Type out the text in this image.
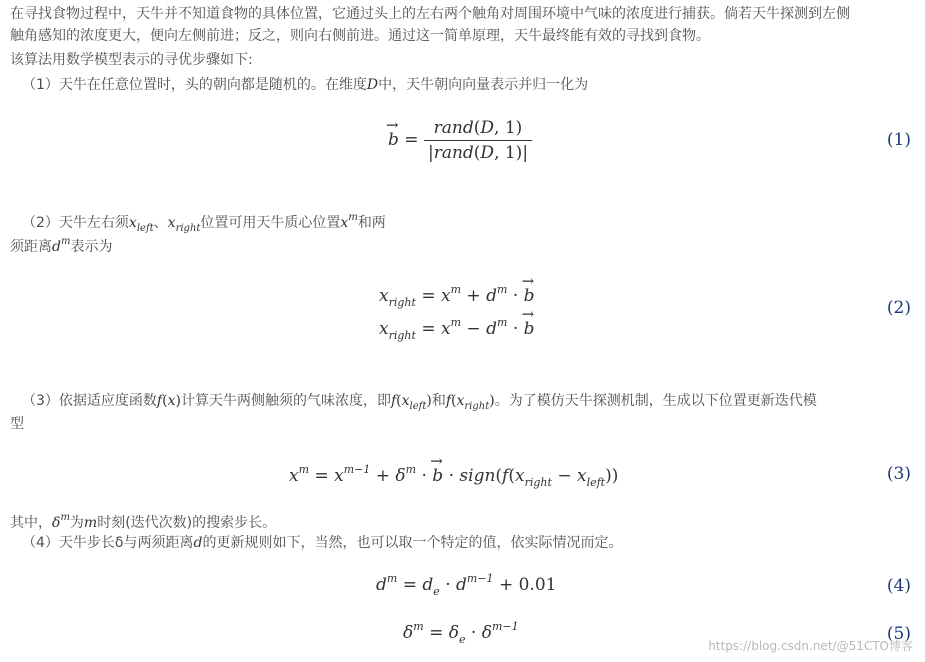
在寻找食物过程中，天牛并不知道食物的具体位置，它通过头上的左右两个触角对周围环境中气味的浓度进行捕获。倘若天牛探测到左侧
触角感知的浓度更大，便向左侧前进；反之，则向右侧前进。通过这一简单原理，天牛最终能有效的寻找到食物。
该算法用数学模型表示的寻优步骤如下:
（1）天牛在任意位置时，头的朝向都是随机的。在维度D中，天牛朝向向量表示并归一化为
→ $b = \frac{\text{rand(D, 1)}}{\text{|rand(D, 1)|}}$	(1)
（2）天牛左右须$x_{left}$、$x_{right}$位置可用天牛质心位置$x^m$和两
须距离$d^m$表示为
$x_{right} = x^m + d^m$ · → b
$x_{right} = x^m - d^m$ · → b
(2)
（3）依据适应度函数f(x)计算天牛两侧触须的气味浓度，即$f(x_{left})$和$f(x_{right})$。为了模仿天牛探测机制，生成以下位置更新迭代模
型
$x^m = x^{m-1} + \delta^m$ · → $b \cdot sign(f(x_{right} - x_{left}))$	(3)
其中，$\delta^m$为m时刻(迭代次数)的搜索步长。
（4）天牛步长δ与两须距离d的更新规则如下，当然，也可以取一个特定的值，依实际情况而定。
$d^m = d_e \cdot d^{m-1} + 0.01$	(4)
$\delta^m = \delta_e \cdot \delta^{m-1}$	(5)
https://blog.csdn.net/@51CTO博客
